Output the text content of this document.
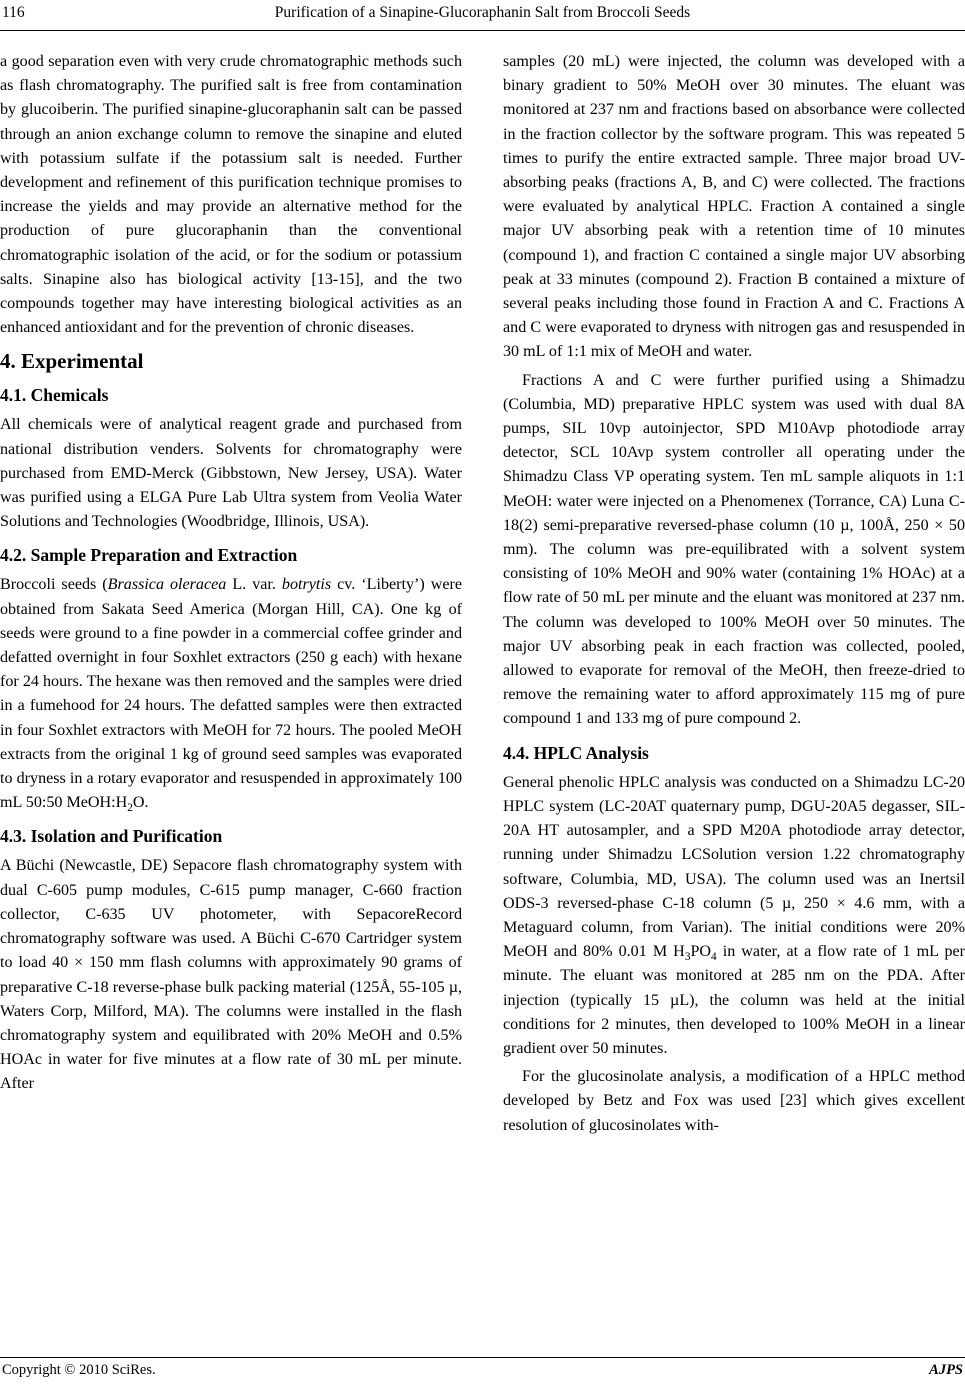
116	Purification of a Sinapine-Glucoraphanin Salt from Broccoli Seeds

a good separation even with very crude chromatographic methods such as flash chromatography. The purified salt is free from contamination by glucoiberin. The purified sinapine-glucoraphanin salt can be passed through an anion exchange column to remove the sinapine and eluted with potassium sulfate if the potassium salt is needed. Further development and refinement of this purification technique promises to increase the yields and may provide an alternative method for the production of pure glucoraphanin than the conventional chromatographic isolation of the acid, or for the sodium or potassium salts. Sinapine also has biological activity [13-15], and the two compounds together may have interesting biological activities as an enhanced antioxidant and for the prevention of chronic diseases.

4. Experimental
4.1. Chemicals

All chemicals were of analytical reagent grade and purchased from national distribution venders. Solvents for chromatography were purchased from EMD-Merck (Gibbstown, New Jersey, USA). Water was purified using a ELGA Pure Lab Ultra system from Veolia Water Solutions and Technologies (Woodbridge, Illinois, USA).

4.2. Sample Preparation and Extraction

Broccoli seeds (Brassica oleracea L. var. botrytis cv. ‘Liberty’) were obtained from Sakata Seed America (Morgan Hill, CA). One kg of seeds were ground to a fine powder in a commercial coffee grinder and defatted overnight in four Soxhlet extractors (250 g each) with hexane for 24 hours. The hexane was then removed and the samples were dried in a fumehood for 24 hours. The defatted samples were then extracted in four Soxhlet extractors with MeOH for 72 hours. The pooled MeOH extracts from the original 1 kg of ground seed samples was evaporated to dryness in a rotary evaporator and resuspended in approximately 100 mL 50:50 $MeOH:H_2O$.

4.3. Isolation and Purification

A Büchi (Newcastle, DE) Sepacore flash chromatography system with dual C-605 pump modules, C-615 pump manager, C-660 fraction collector, C-635 UV photometer, with SepacoreRecord chromatography software was used. A Büchi C-670 Cartridger system to load 40 × 150 mm flash columns with approximately 90 grams of preparative C-18 reverse-phase bulk packing material (125Å, 55-105 µ, Waters Corp, Milford, MA). The columns were installed in the flash chromatography system and equilibrated with 20% MeOH and 0.5% HOAc in water for five minutes at a flow rate of 30 mL per minute. After

samples (20 mL) were injected, the column was developed with a binary gradient to 50% MeOH over 30 minutes. The eluant was monitored at 237 nm and fractions based on absorbance were collected in the fraction collector by the software program. This was repeated 5 times to purify the entire extracted sample. Three major broad UV-absorbing peaks (fractions A, B, and C) were collected. The fractions were evaluated by analytical HPLC. Fraction A contained a single major UV absorbing peak with a retention time of 10 minutes (compound 1), and fraction C contained a single major UV absorbing peak at 33 minutes (compound 2). Fraction B contained a mixture of several peaks including those found in Fraction A and C. Fractions A and C were evaporated to dryness with nitrogen gas and resuspended in 30 mL of 1:1 mix of MeOH and water.

Fractions A and C were further purified using a Shimadzu (Columbia, MD) preparative HPLC system was used with dual 8A pumps, SIL 10vp autoinjector, SPD M10Avp photodiode array detector, SCL 10Avp system controller all operating under the Shimadzu Class VP operating system. Ten mL sample aliquots in 1:1 MeOH: water were injected on a Phenomenex (Torrance, CA) Luna C-18(2) semi-preparative reversed-phase column (10 µ, 100Å, 250 × 50 mm). The column was pre-equilibrated with a solvent system consisting of 10% MeOH and 90% water (containing 1% HOAc) at a flow rate of 50 mL per minute and the eluant was monitored at 237 nm. The column was developed to 100% MeOH over 50 minutes. The major UV absorbing peak in each fraction was collected, pooled, allowed to evaporate for removal of the MeOH, then freeze-dried to remove the remaining water to afford approximately 115 mg of pure compound 1 and 133 mg of pure compound 2.

4.4. HPLC Analysis

General phenolic HPLC analysis was conducted on a Shimadzu LC-20 HPLC system (LC-20AT quaternary pump, DGU-20A5 degasser, SIL-20A HT autosampler, and a SPD M20A photodiode array detector, running under Shimadzu LCSolution version 1.22 chromatography software, Columbia, MD, USA). The column used was an Inertsil ODS-3 reversed-phase C-18 column (5 µ, 250 × 4.6 mm, with a Metaguard column, from Varian). The initial conditions were 20% MeOH and 80% 0.01 M $H_3PO_4$ in water, at a flow rate of 1 mL per minute. The eluant was monitored at 285 nm on the PDA. After injection (typically 15 µL), the column was held at the initial conditions for 2 minutes, then developed to 100% MeOH in a linear gradient over 50 minutes.

For the glucosinolate analysis, a modification of a HPLC method developed by Betz and Fox was used [23] which gives excellent resolution of glucosinolates with-

Copyright © 2010 SciRes.	AJPS
